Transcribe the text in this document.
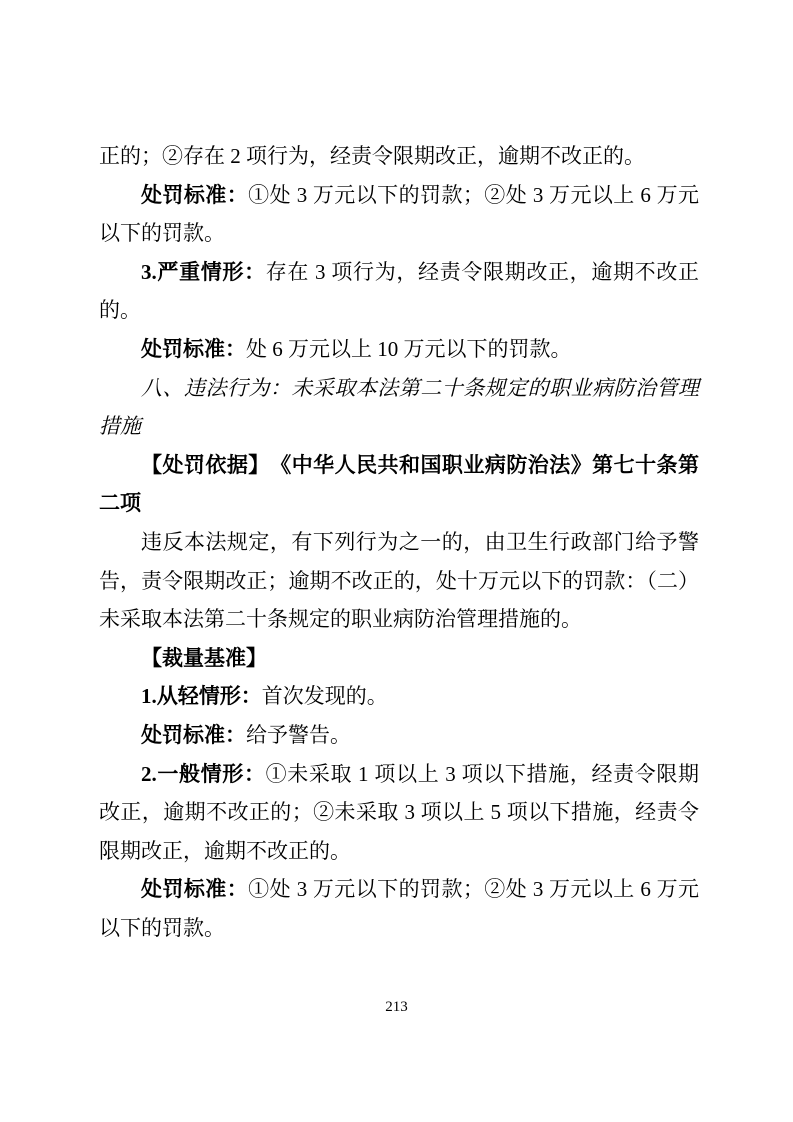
正的；②存在 2 项行为，经责令限期改正，逾期不改正的。

处罚标准：①处 3 万元以下的罚款；②处 3 万元以上 6 万元以下的罚款。

3.严重情形：存在 3 项行为，经责令限期改正，逾期不改正的。

处罚标准：处 6 万元以上 10 万元以下的罚款。

八、违法行为：未采取本法第二十条规定的职业病防治管理措施

【处罚依据】　《中华人民共和国职业病防治法》第七十条第二项

违反本法规定，有下列行为之一的，由卫生行政部门给予警告，责令限期改正；逾期不改正的，处十万元以下的罚款：（二）未采取本法第二十条规定的职业病防治管理措施的。

【裁量基准】

1.从轻情形：首次发现的。

处罚标准：给予警告。

2.一般情形：①未采取 1 项以上 3 项以下措施，经责令限期改正，逾期不改正的；②未采取 3 项以上 5 项以下措施，经责令限期改正，逾期不改正的。

处罚标准：①处 3 万元以下的罚款；②处 3 万元以上 6 万元以下的罚款。

213
